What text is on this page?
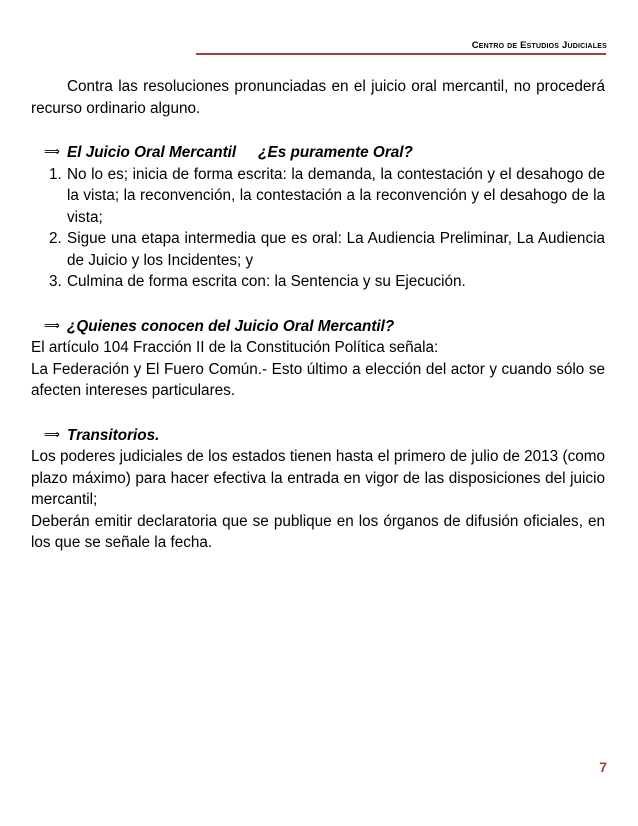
Centro de Estudios Judiciales

Contra las resoluciones pronunciadas en el juicio oral mercantil, no procederá recurso ordinario alguno.

⟹ El Juicio Oral Mercantil ¿Es puramente Oral?
1. No lo es; inicia de forma escrita: la demanda, la contestación y el desahogo de la vista; la reconvención, la contestación a la reconvención y el desahogo de la vista;
2. Sigue una etapa intermedia que es oral: La Audiencia Preliminar, La Audiencia de Juicio y los Incidentes; y
3. Culmina de forma escrita con: la Sentencia y su Ejecución.
⟹ ¿Quienes conocen del Juicio Oral Mercantil?

El artículo 104 Fracción II de la Constitución Política señala:

La Federación y El Fuero Común.- Esto último a elección del actor y cuando sólo se afecten intereses particulares.

⟹ Transitorios.

Los poderes judiciales de los estados tienen hasta el primero de julio de 2013 (como plazo máximo) para hacer efectiva la entrada en vigor de las disposiciones del juicio mercantil;

Deberán emitir declaratoria que se publique en los órganos de difusión oficiales, en los que se señale la fecha.

7
